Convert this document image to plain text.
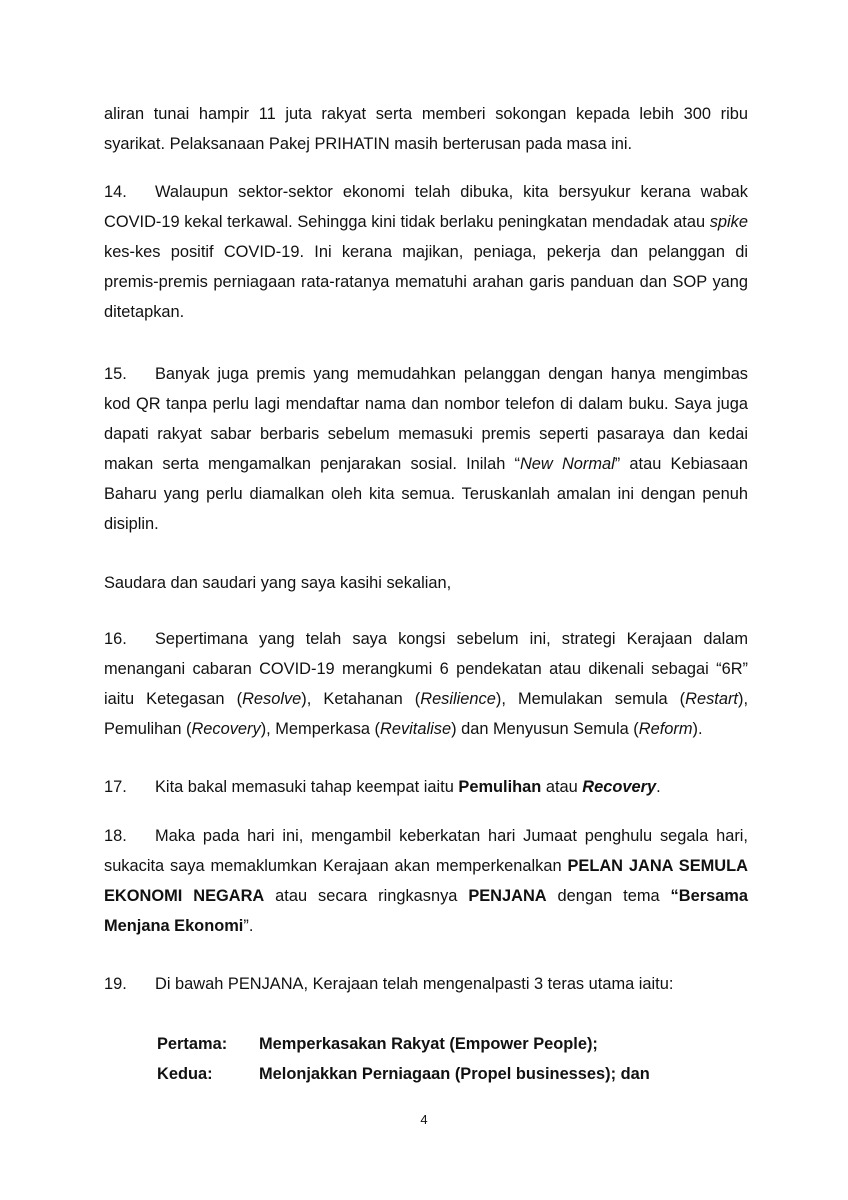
aliran tunai hampir 11 juta rakyat serta memberi sokongan kepada lebih 300 ribu syarikat. Pelaksanaan Pakej PRIHATIN masih berterusan pada masa ini.

14. Walaupun sektor-sektor ekonomi telah dibuka, kita bersyukur kerana wabak COVID-19 kekal terkawal. Sehingga kini tidak berlaku peningkatan mendadak atau spike kes-kes positif COVID-19. Ini kerana majikan, peniaga, pekerja dan pelanggan di premis-premis perniagaan rata-ratanya mematuhi arahan garis panduan dan SOP yang ditetapkan.

15. Banyak juga premis yang memudahkan pelanggan dengan hanya mengimbas kod QR tanpa perlu lagi mendaftar nama dan nombor telefon di dalam buku. Saya juga dapati rakyat sabar berbaris sebelum memasuki premis seperti pasaraya dan kedai makan serta mengamalkan penjarakan sosial. Inilah “New Normal” atau Kebiasaan Baharu yang perlu diamalkan oleh kita semua. Teruskanlah amalan ini dengan penuh disiplin.

Saudara dan saudari yang saya kasihi sekalian,

16. Sepertimana yang telah saya kongsi sebelum ini, strategi Kerajaan dalam menangani cabaran COVID-19 merangkumi 6 pendekatan atau dikenali sebagai “6R” iaitu Ketegasan (Resolve), Ketahanan (Resilience), Memulakan semula (Restart), Pemulihan (Recovery), Memperkasa (Revitalise) dan Menyusun Semula (Reform).

17. Kita bakal memasuki tahap keempat iaitu Pemulihan atau Recovery.

18. Maka pada hari ini, mengambil keberkatan hari Jumaat penghulu segala hari, sukacita saya memaklumkan Kerajaan akan memperkenalkan PELAN JANA SEMULA EKONOMI NEGARA atau secara ringkasnya PENJANA dengan tema “Bersama Menjana Ekonomi”.

19. Di bawah PENJANA, Kerajaan telah mengenalpasti 3 teras utama iaitu:

Pertama:	Memperkasakan Rakyat (Empower People);
Kedua:	Melonjakkan Perniagaan (Propel businesses); dan
4
